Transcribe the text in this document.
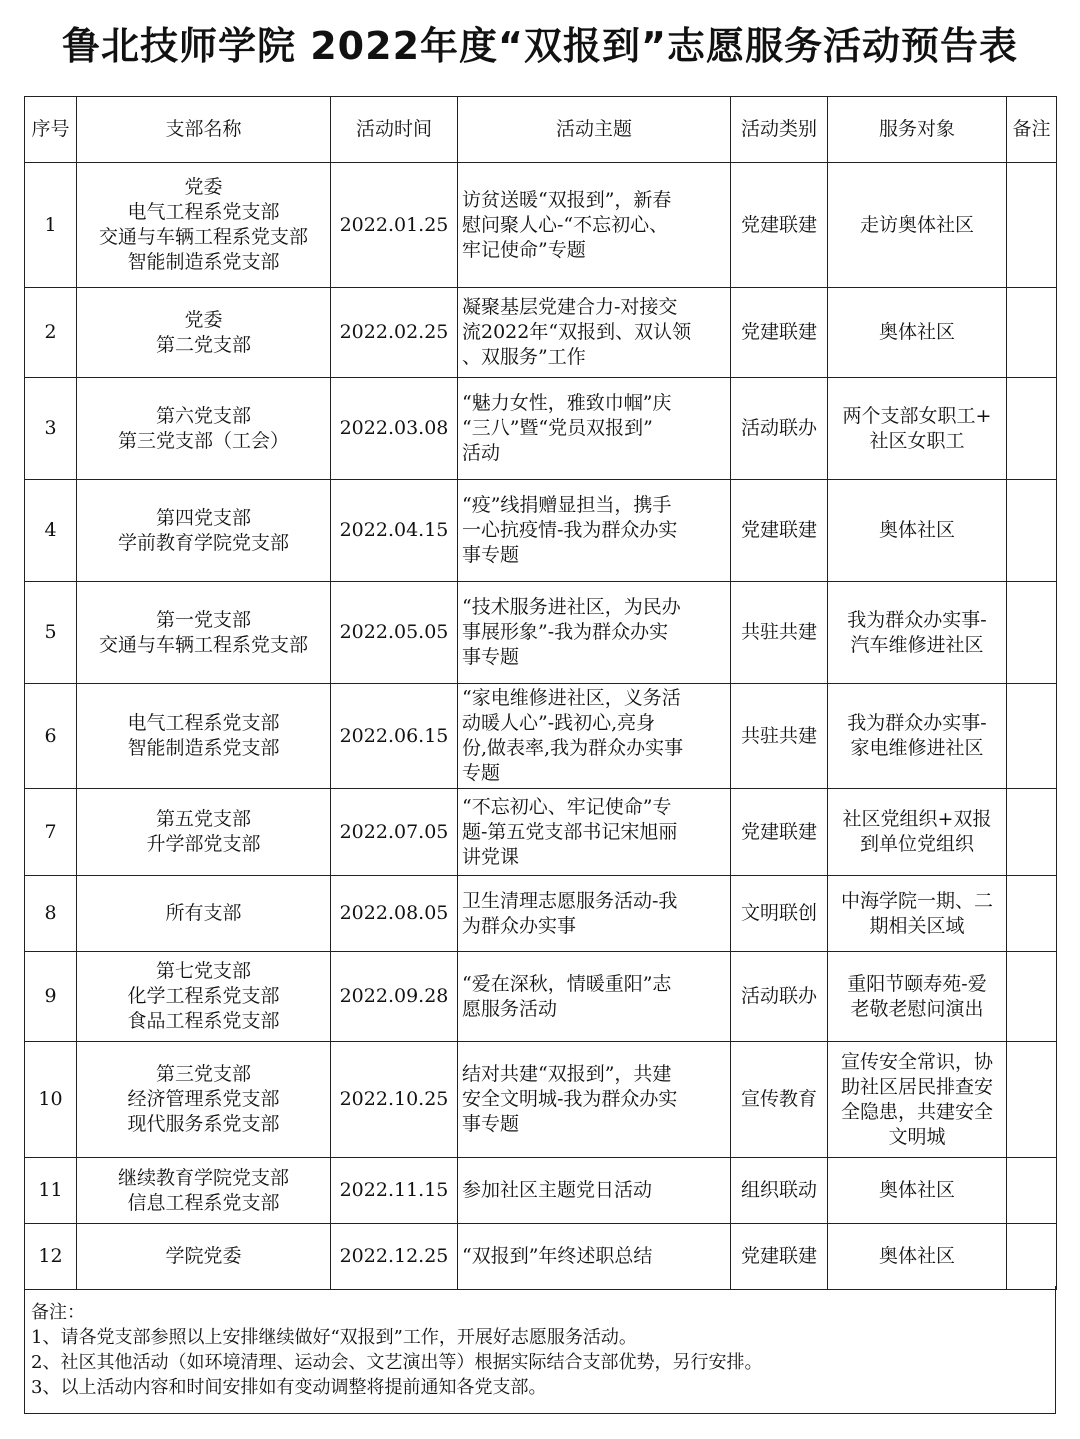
鲁北技师学院 2022年度“双报到”志愿服务活动预告表
序号	支部名称	活动时间	活动主题	活动类别	服务对象	备注
1	党委
电气工程系党支部
交通与车辆工程系党支部
智能制造系党支部	2022.01.25	访贫送暖“双报到”，新春
慰问聚人心-“不忘初心、
牢记使命”专题	党建联建	走访奥体社区	

2	党委
第二党支部	2022.02.25	凝聚基层党建合力-对接交
流2022年“双报到、双认领
、双服务”工作	党建联建	奥体社区	

3	第六党支部
第三党支部（工会）	2022.03.08	“魅力女性，雅致巾帼”庆
“三八”暨“党员双报到”
活动	活动联办	两个支部女职工+
社区女职工	

4	第四党支部
学前教育学院党支部	2022.04.15	“疫”线捐赠显担当，携手
一心抗疫情-我为群众办实
事专题	党建联建	奥体社区	

5	第一党支部
交通与车辆工程系党支部	2022.05.05	“技术服务进社区，为民办
事展形象”-我为群众办实
事专题	共驻共建	我为群众办实事-
汽车维修进社区	

6	电气工程系党支部
智能制造系党支部	2022.06.15	“家电维修进社区，义务活
动暖人心”-践初心,亮身
份,做表率,我为群众办实事
专题	共驻共建	我为群众办实事-
家电维修进社区	

7	第五党支部
升学部党支部	2022.07.05	“不忘初心、牢记使命”专
题-第五党支部书记宋旭丽
讲党课	党建联建	社区党组织+双报
到单位党组织	

8	所有支部	2022.08.05	卫生清理志愿服务活动-我
为群众办实事	文明联创	中海学院一期、二
期相关区域	

9	第七党支部
化学工程系党支部
食品工程系党支部	2022.09.28	“爱在深秋，情暖重阳”志
愿服务活动	活动联办	重阳节颐寿苑-爱
老敬老慰问演出	

10	第三党支部
经济管理系党支部
现代服务系党支部	2022.10.25	结对共建“双报到”，共建
安全文明城-我为群众办实
事专题	宣传教育	宣传安全常识，协
助社区居民排查安
全隐患，共建安全
文明城	

11	继续教育学院党支部
信息工程系党支部	2022.11.15	参加社区主题党日活动	组织联动	奥体社区	

12	学院党委	2022.12.25	“双报到”年终述职总结	党建联建	奥体社区	

备注：
1、请各党支部参照以上安排继续做好“双报到”工作，开展好志愿服务活动。
2、社区其他活动（如环境清理、运动会、文艺演出等）根据实际结合支部优势，另行安排。
3、以上活动内容和时间安排如有变动调整将提前通知各党支部。
